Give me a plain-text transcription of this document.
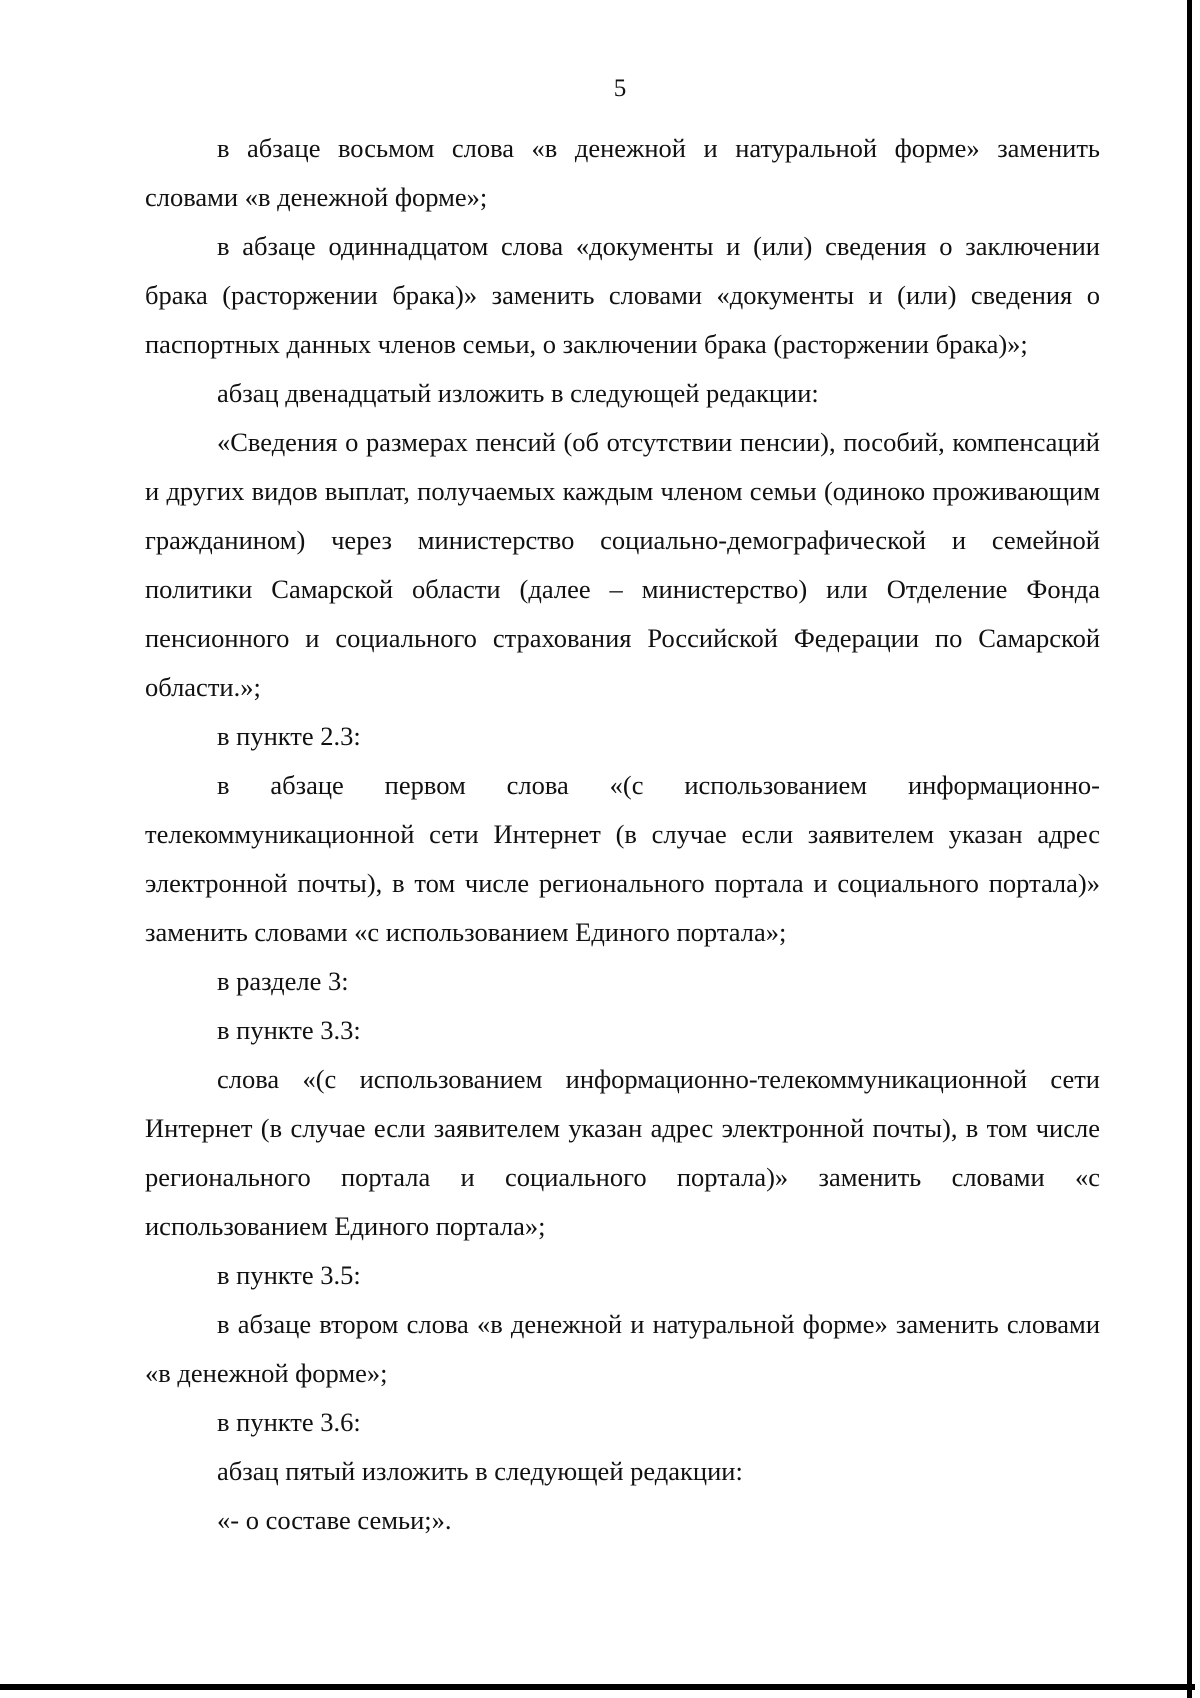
5

в абзаце восьмом слова «в денежной и натуральной форме» заменить словами «в денежной форме»;

в абзаце одиннадцатом слова «документы и (или) сведения о заключении брака (расторжении брака)» заменить словами «документы и (или) сведения о паспортных данных членов семьи, о заключении брака (расторжении брака)»;

абзац двенадцатый изложить в следующей редакции:

«Сведения о размерах пенсий (об отсутствии пенсии), пособий, компенсаций и других видов выплат, получаемых каждым членом семьи (одиноко проживающим гражданином) через министерство социально-демографической и семейной политики Самарской области (далее – министерство) или Отделение Фонда пенсионного и социального страхования Российской Федерации по Самарской области.»;

в пункте 2.3:

в абзаце первом слова «(с использованием информационно-телекоммуникационной сети Интернет (в случае если заявителем указан адрес электронной почты), в том числе регионального портала и социального портала)» заменить словами «с использованием Единого портала»;

в разделе 3:

в пункте 3.3:

слова «(с использованием информационно-телекоммуникационной сети Интернет (в случае если заявителем указан адрес электронной почты), в том числе регионального портала и социального портала)» заменить словами «с использованием Единого портала»;

в пункте 3.5:

в абзаце втором слова «в денежной и натуральной форме» заменить словами «в денежной форме»;

в пункте 3.6:

абзац пятый изложить в следующей редакции:

«- о составе семьи;».
